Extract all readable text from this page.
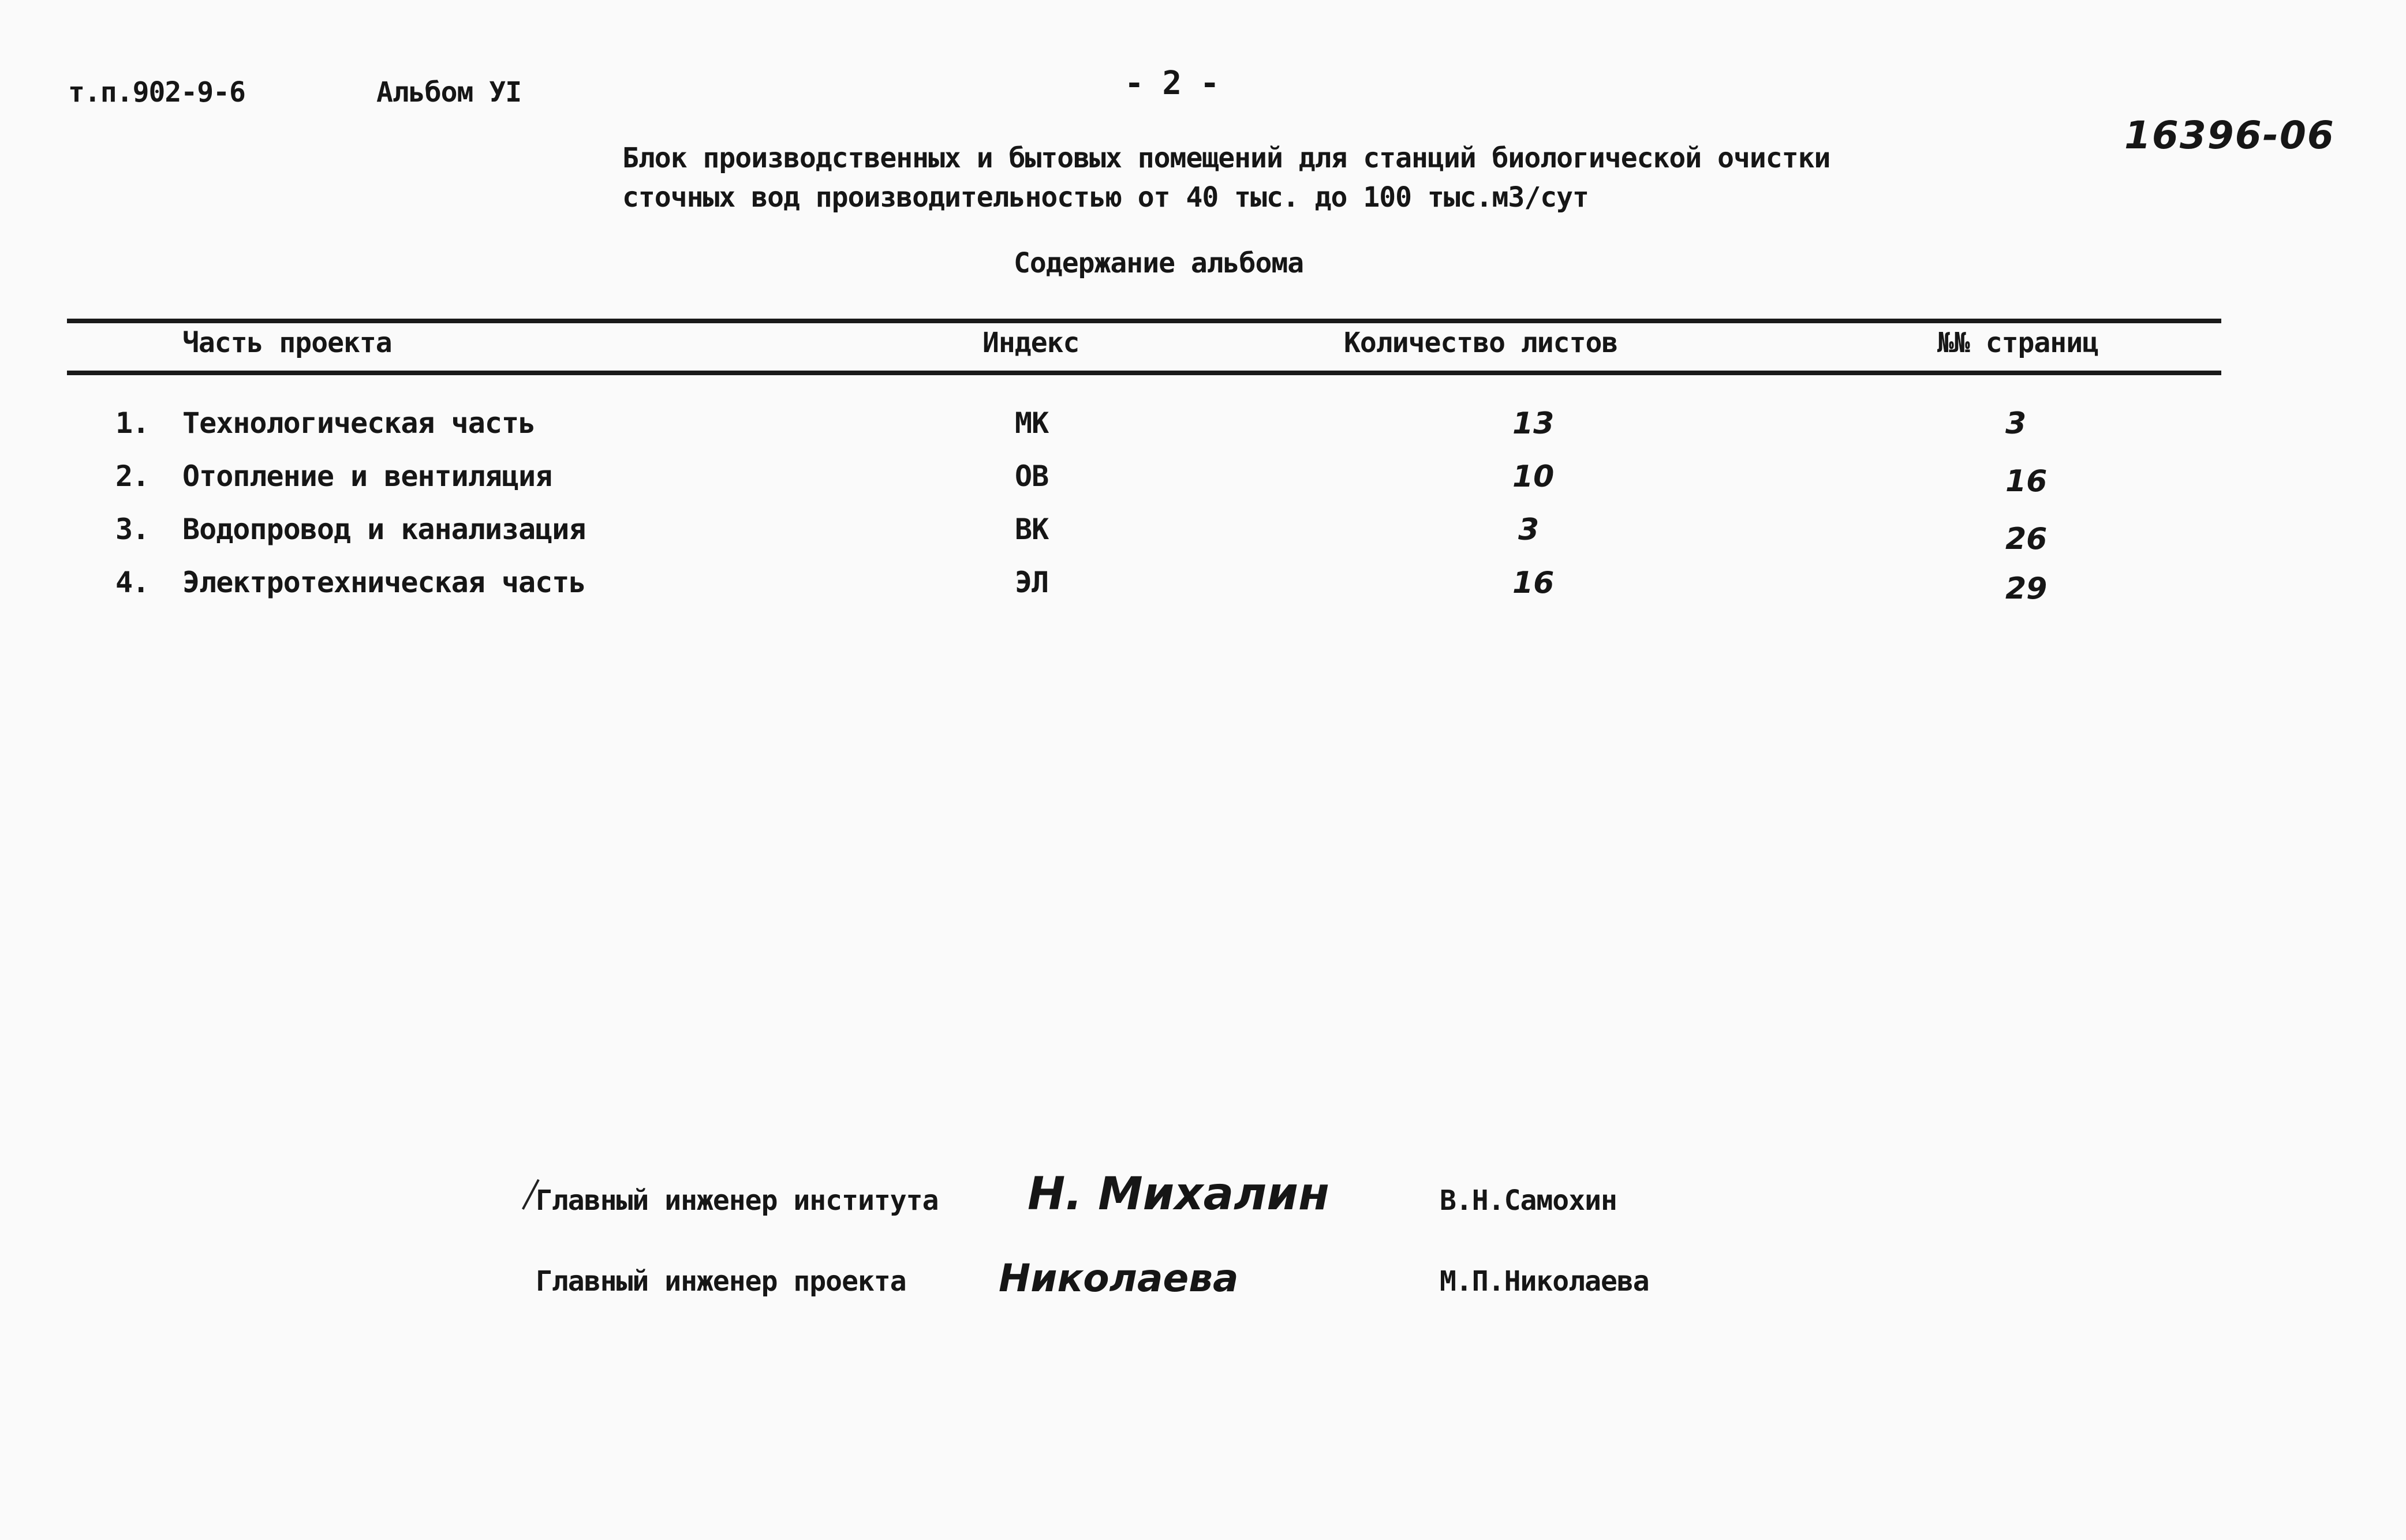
т.п.902-9-6	Альбом УI	- 2 -
16396-06
Блок производственных и бытовых помещений для станций биологической очистки
сточных вод производительностью от 40 тыс. до 100 тыс.м3/сут
Содержание альбома
Часть проекта	Индекс	Количество листов	№№ страниц
1. Технологическая часть	МК	13	3
2. Отопление и вентиляция	ОВ	10	16
3. Водопровод и канализация	ВК	3	26
4. Электротехническая часть	ЭЛ	16	29
Главный инженер института Н. Михалин	В.Н.Самохин
Главный инженер проекта Николаева	М.П.Николаева
